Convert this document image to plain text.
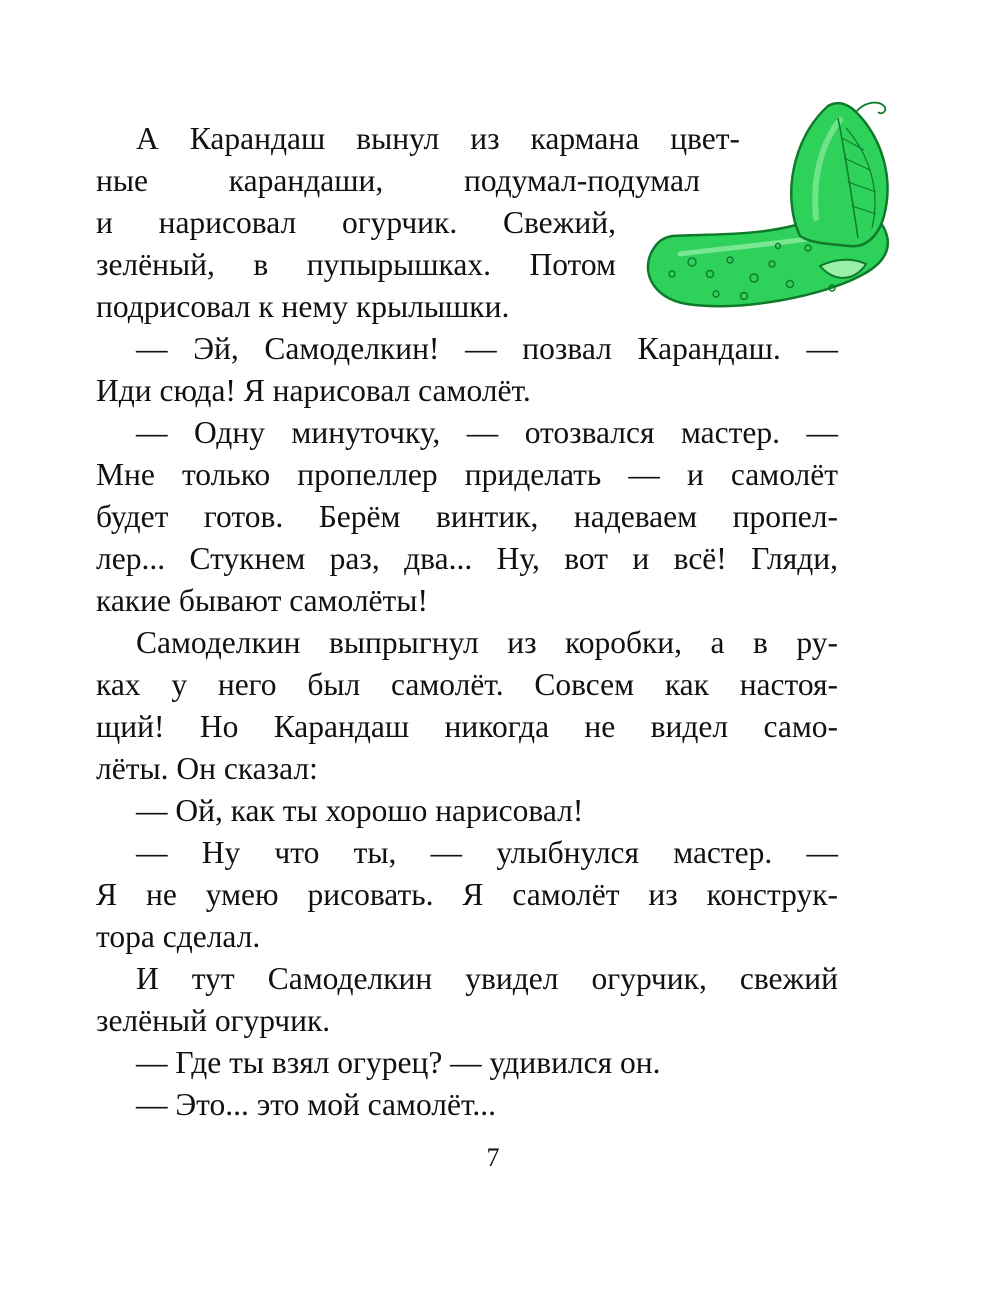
А Карандаш вынул из кармана цвет-
ные карандаши, подумал-подумал
и нарисовал огурчик. Свежий,
зелёный, в пупырышках. Потом
подрисовал к нему крылышки.
— Эй, Самоделкин! — позвал Карандаш. —
Иди сюда! Я нарисовал самолёт.
— Одну минуточку, — отозвался мастер. —
Мне только пропеллер приделать — и самолёт
будет готов. Берём винтик, надеваем пропел-
лер... Стукнем раз, два... Ну, вот и всё! Гляди,
какие бывают самолёты!
Самоделкин выпрыгнул из коробки, а в ру-
ках у него был самолёт. Совсем как настоя-
щий! Но Карандаш никогда не видел само-
лёты. Он сказал:
— Ой, как ты хорошо нарисовал!
— Ну что ты, — улыбнулся мастер. —
Я не умею рисовать. Я самолёт из конструк-
тора сделал.
И тут Самоделкин увидел огурчик, свежий
зелёный огурчик.
— Где ты взял огурец? — удивился он.
— Это... это мой самолёт...
7
